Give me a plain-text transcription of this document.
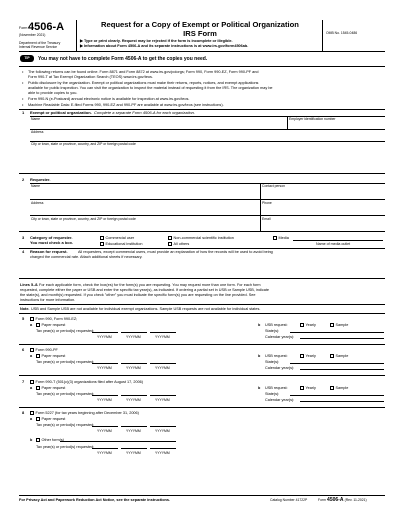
Form 4506-A
(November 2021)
Department of the Treasury
Internal Revenue Service
Request for a Copy of Exempt or Political Organization
IRS Form
▶ Type or print clearly. Request may be rejected if the form is incomplete or illegible.
▶ Information about Form 4506-A and its separate instructions is at www.irs.gov/form4506ab.
OMB No. 1545-0486
TIP	You may not have to complete Form 4506-A to get the copies you need.
• The following returns can be found online. Form 8871 and Form 8872 at www.irs.gov/polorgs; Form 990, Form 990-EZ, Form 990-PF and
Form 990-T at Tax Exempt Organization Search (TEOS) www.irs.gov/teos.
• Public disclosure by the organization. Exempt or political organizations must make their returns, reports, notices, and exempt applications
available for public inspection. You can visit the organization to inspect the material instead of requesting it from the IRS. The organization may be
able to provide copies to you.
• Form 990-N (e-Postcard) annual electronic notice is available for inspection at www.irs.gov/teos.
• Machine Readable Data: E-filed Forms 990, 990-EZ and 990-PF are available at www.irs.gov/teos (see instructions).
1 Exempt or political organization. Complete a separate Form 4506-A for each organization.
Name	Employer identification number
Address
City or town, state or province, country, and ZIP or foreign postal code
2 Requester.
Name	Contact person
Address	Phone
City or town, state or province, country, and ZIP or foreign postal code	Email
3 Category of requester.
You must check a box.
Commercial user	Non-commercial scientific institution	Media
Educational institution	All others	Name of media outlet
4 Reason for request.	All requesters, except commercial users, must provide an explanation of how the records will be used to avoid being
charged the commercial rate. Attach additional sheets if necessary.
Lines 5–8. For each applicable form, check the box(es) for the form(s) you are requesting. You may request more than one form. For each form
requested, complete either the paper or USB and enter the specific tax year(s), as indicated. If ordering a partial set in USB or Sample USB, indicate
the state(s), and month(s) requested. If you check "other" you must indicate the specific form(s) you are requesting on the line provided. See
instructions for more information.
Note. USB and Sample USB are not available for individual exempt organizations. Sample USB requests are not available for individual states.
5	Form 990, Form 990-EZ;
a	Paper request
Tax year(s) or period(s) requested:
YYYYMM	YYYYMM	YYYYMM
b USB request:	Yearly	Sample
State(s):
Calendar year(s):
6	Form 990-PF
a	Paper request
Tax year(s) or period(s) requested:
YYYYMM	YYYYMM	YYYYMM
b USB request:	Yearly	Sample
State(s):
Calendar year(s):
7	Form 990-T (501(c)(3) organizations filed after August 17, 2006)
a	Paper request
Tax year(s) or period(s) requested:
YYYYMM	YYYYMM	YYYYMM
b USB request:	Yearly	Sample
State(s):
Calendar year(s):
8	Form 5227 (for tax years beginning after December 31, 2006)
a	Paper request
Tax year(s) or period(s) requested:
YYYYMM	YYYYMM	YYYYMM
b	Other form(s)
Tax year(s) or period(s) requested:
YYYYMM	YYYYMM	YYYYMM
For Privacy Act and Paperwork Reduction Act Notice, see the separate instructions.	Catalog Number 41722P	Form 4506-A (Rev. 11-2021)
